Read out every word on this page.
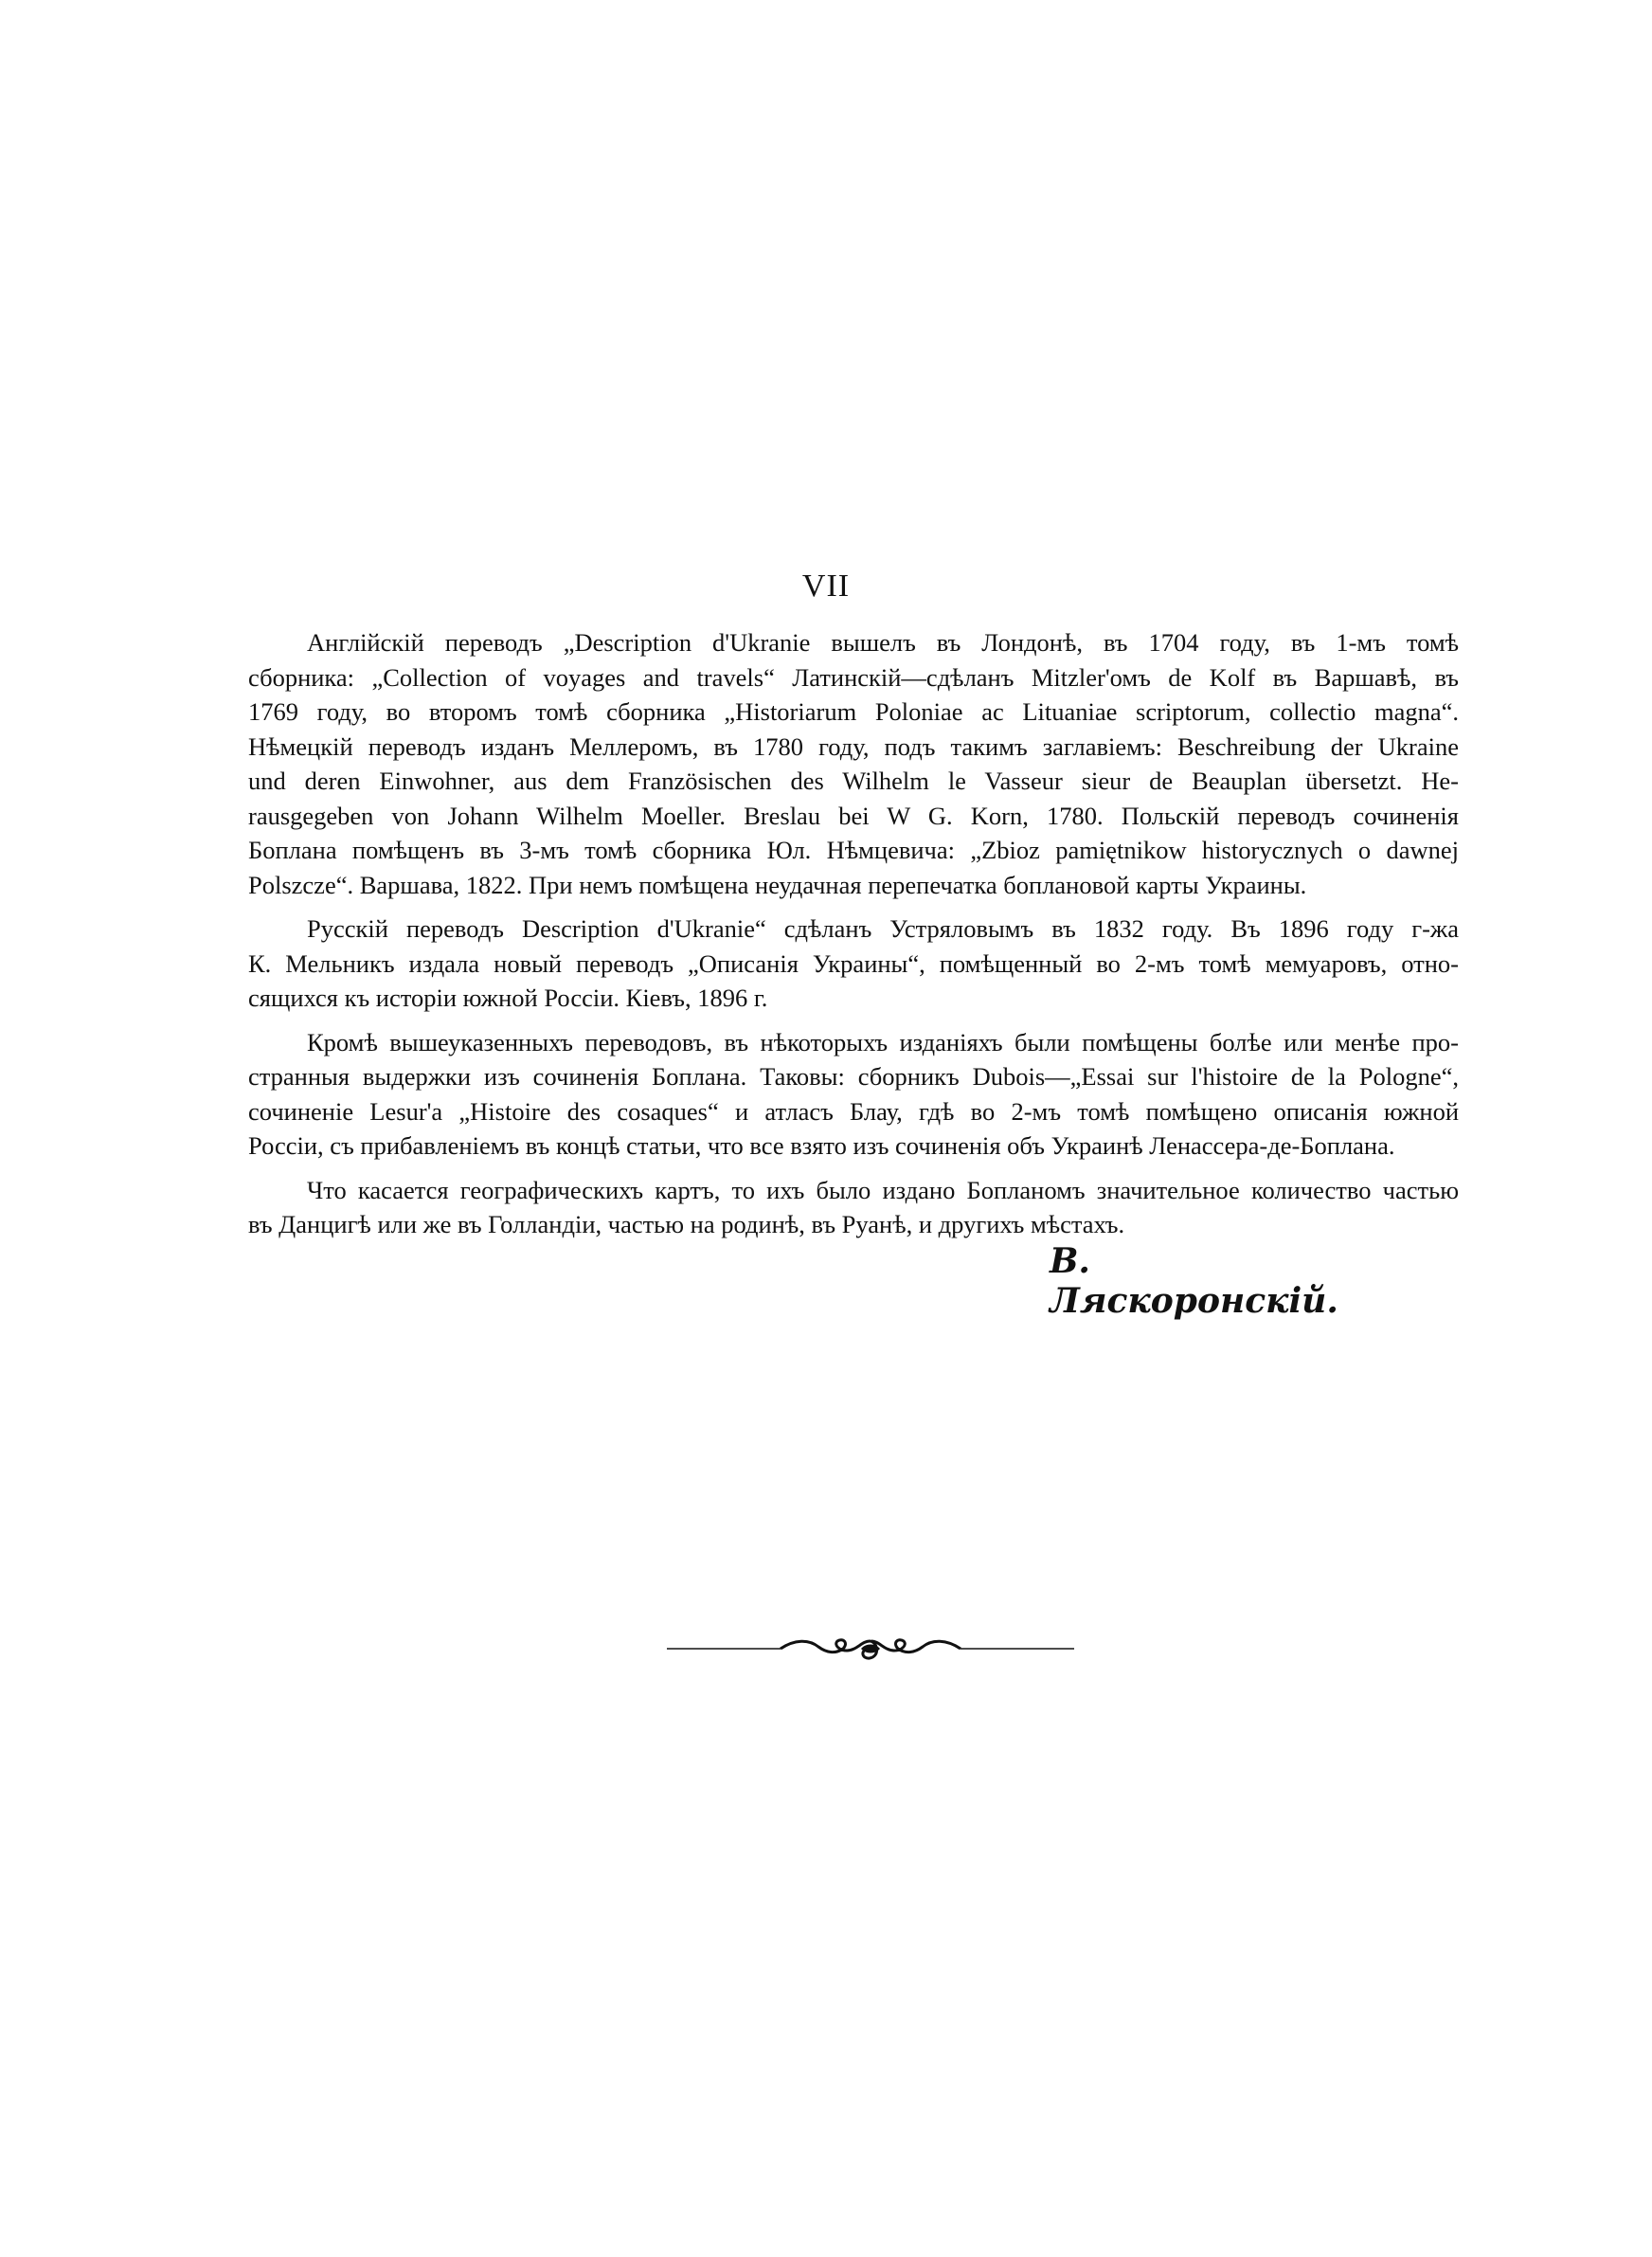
VII
Англійскій переводъ „Description d'Ukranie вышелъ въ Лондонѣ, въ 1704 году, въ 1-мъ томѣ
сборника: „Collection of voyages and travels“ Латинскій—сдѣланъ Mitzler'омъ de Kolf въ Варшавѣ, въ
1769 году, во второмъ томѣ сборника „Historiarum Poloniae ac Lituaniae scriptorum, collectio magna“.
Нѣмецкій переводъ изданъ Меллеромъ, въ 1780 году, подъ такимъ заглавіемъ: Beschreibung der Ukraine
und deren Einwohner, aus dem Französischen des Wilhelm le Vasseur sieur de Beauplan übersetzt. He-
rausgegeben von Johann Wilhelm Moeller. Breslau bei W G. Korn, 1780. Польскій переводъ сочиненія
Боплана помѣщенъ въ 3-мъ томѣ сборника Юл. Нѣмцевича: „Zbioz pamiętnikow historycznych o dawnej
Polszcze“. Варшава, 1822. При немъ помѣщена неудачная перепечатка боплановой карты Украины.
Русскій переводъ Description d'Ukranie“ сдѣланъ Устряловымъ въ 1832 году. Въ 1896 году г-жа
К. Мельникъ издала новый переводъ „Описанія Украины“, помѣщенный во 2-мъ томѣ мемуаровъ, отно-
сящихся къ исторіи южной Россіи. Кіевъ, 1896 г.
Кромѣ вышеуказенныхъ переводовъ, въ нѣкоторыхъ изданіяхъ были помѣщены болѣе или менѣе про-
странныя выдержки изъ сочиненія Боплана. Таковы: сборникъ Dubois—„Essai sur l'histoire de la Pologne“,
сочиненіе Lesur'a „Histoire des cosaques“ и атласъ Блау, гдѣ во 2-мъ томѣ помѣщено описанія южной
Россіи, съ прибавленіемъ въ концѣ статьи, что все взято изъ сочиненія объ Украинѣ Ленассера-де-Боплана.
Что касается географическихъ картъ, то ихъ было издано Бопланомъ значительное количество частью
въ Данцигѣ или же въ Голландіи, частью на родинѣ, въ Руанѣ, и другихъ мѣстахъ.
В. Ляскоронскій.
